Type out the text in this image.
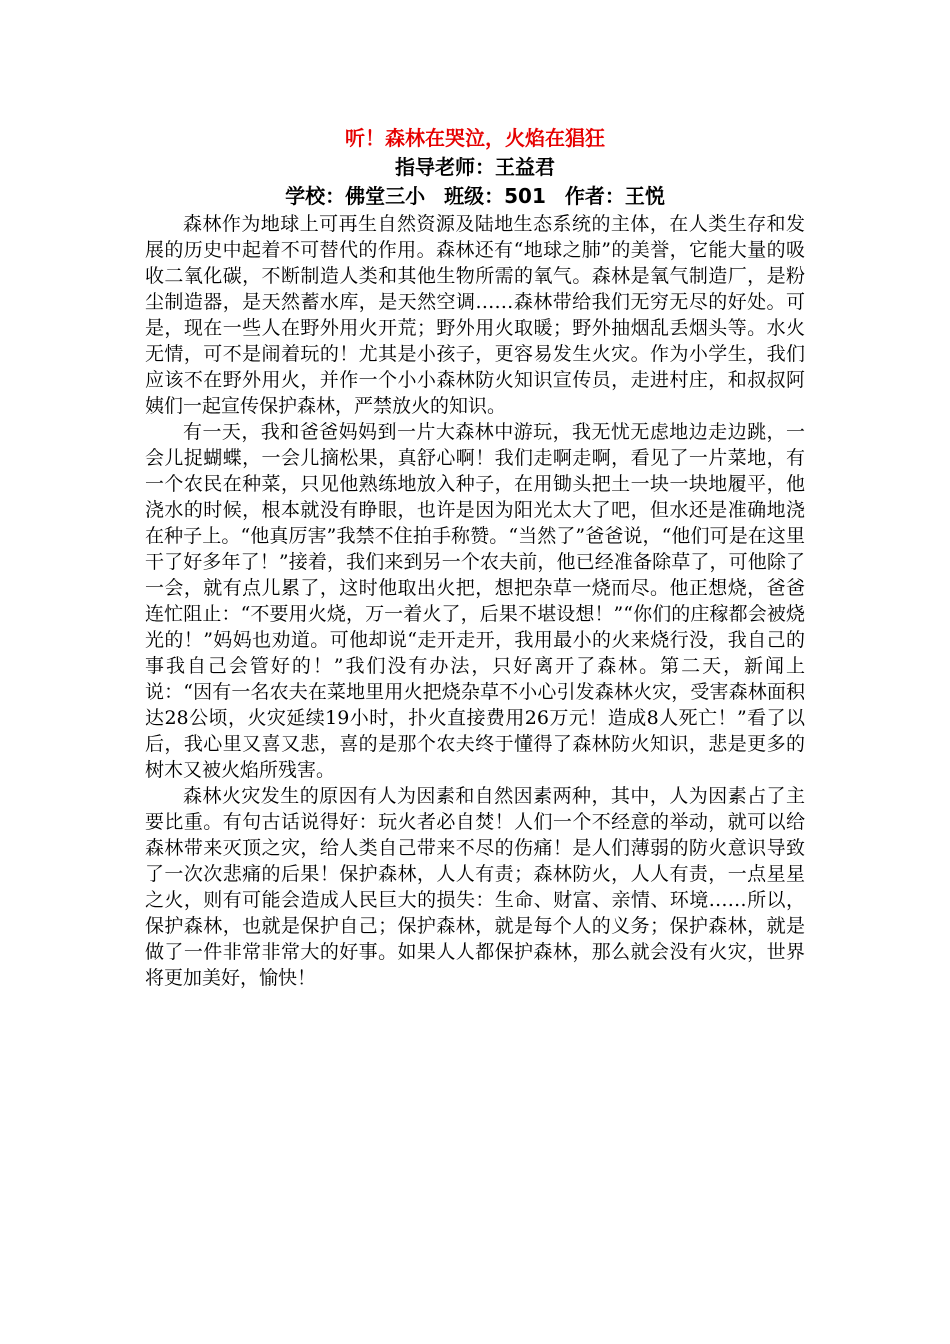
听！森林在哭泣，火焰在猖狂
指导老师：王益君
学校：佛堂三小 班级：501 作者：王悦

森林作为地球上可再生自然资源及陆地生态系统的主体，在人类生存和发展的历史中起着不可替代的作用。森林还有“地球之肺”的美誉，它能大量的吸收二氧化碳，不断制造人类和其他生物所需的氧气。森林是氧气制造厂，是粉尘制造器，是天然蓄水库，是天然空调……森林带给我们无穷无尽的好处。可是，现在一些人在野外用火开荒；野外用火取暖；野外抽烟乱丢烟头等。水火无情，可不是闹着玩的！尤其是小孩子，更容易发生火灾。作为小学生，我们应该不在野外用火，并作一个小小森林防火知识宣传员，走进村庄，和叔叔阿姨们一起宣传保护森林，严禁放火的知识。

有一天，我和爸爸妈妈到一片大森林中游玩，我无忧无虑地边走边跳，一会儿捉蝴蝶，一会儿摘松果，真舒心啊！我们走啊走啊，看见了一片菜地，有一个农民在种菜，只见他熟练地放入种子，在用锄头把土一块一块地履平，他浇水的时候，根本就没有睁眼，也许是因为阳光太大了吧，但水还是准确地浇在种子上。“他真厉害”我禁不住拍手称赞。“当然了”爸爸说，“他们可是在这里干了好多年了！”接着，我们来到另一个农夫前，他已经准备除草了，可他除了一会，就有点儿累了，这时他取出火把，想把杂草一烧而尽。他正想烧，爸爸连忙阻止：“不要用火烧，万一着火了，后果不堪设想！”“你们的庄稼都会被烧光的！”妈妈也劝道。可他却说“走开走开，我用最小的火来烧行没，我自己的事我自己会管好的！”我们没有办法，只好离开了森林。第二天，新闻上说：“因有一名农夫在菜地里用火把烧杂草不小心引发森林火灾，受害森林面积达28公顷，火灾延续19小时，扑火直接费用26万元！造成8人死亡！”看了以后，我心里又喜又悲，喜的是那个农夫终于懂得了森林防火知识，悲是更多的树木又被火焰所残害。

森林火灾发生的原因有人为因素和自然因素两种，其中，人为因素占了主要比重。有句古话说得好：玩火者必自焚！人们一个不经意的举动，就可以给森林带来灭顶之灾，给人类自己带来不尽的伤痛！是人们薄弱的防火意识导致了一次次悲痛的后果！保护森林，人人有责；森林防火，人人有责，一点星星之火，则有可能会造成人民巨大的损失：生命、财富、亲情、环境……所以，保护森林，也就是保护自己；保护森林，就是每个人的义务；保护森林，就是做了一件非常非常大的好事。如果人人都保护森林，那么就会没有火灾，世界将更加美好，愉快！
